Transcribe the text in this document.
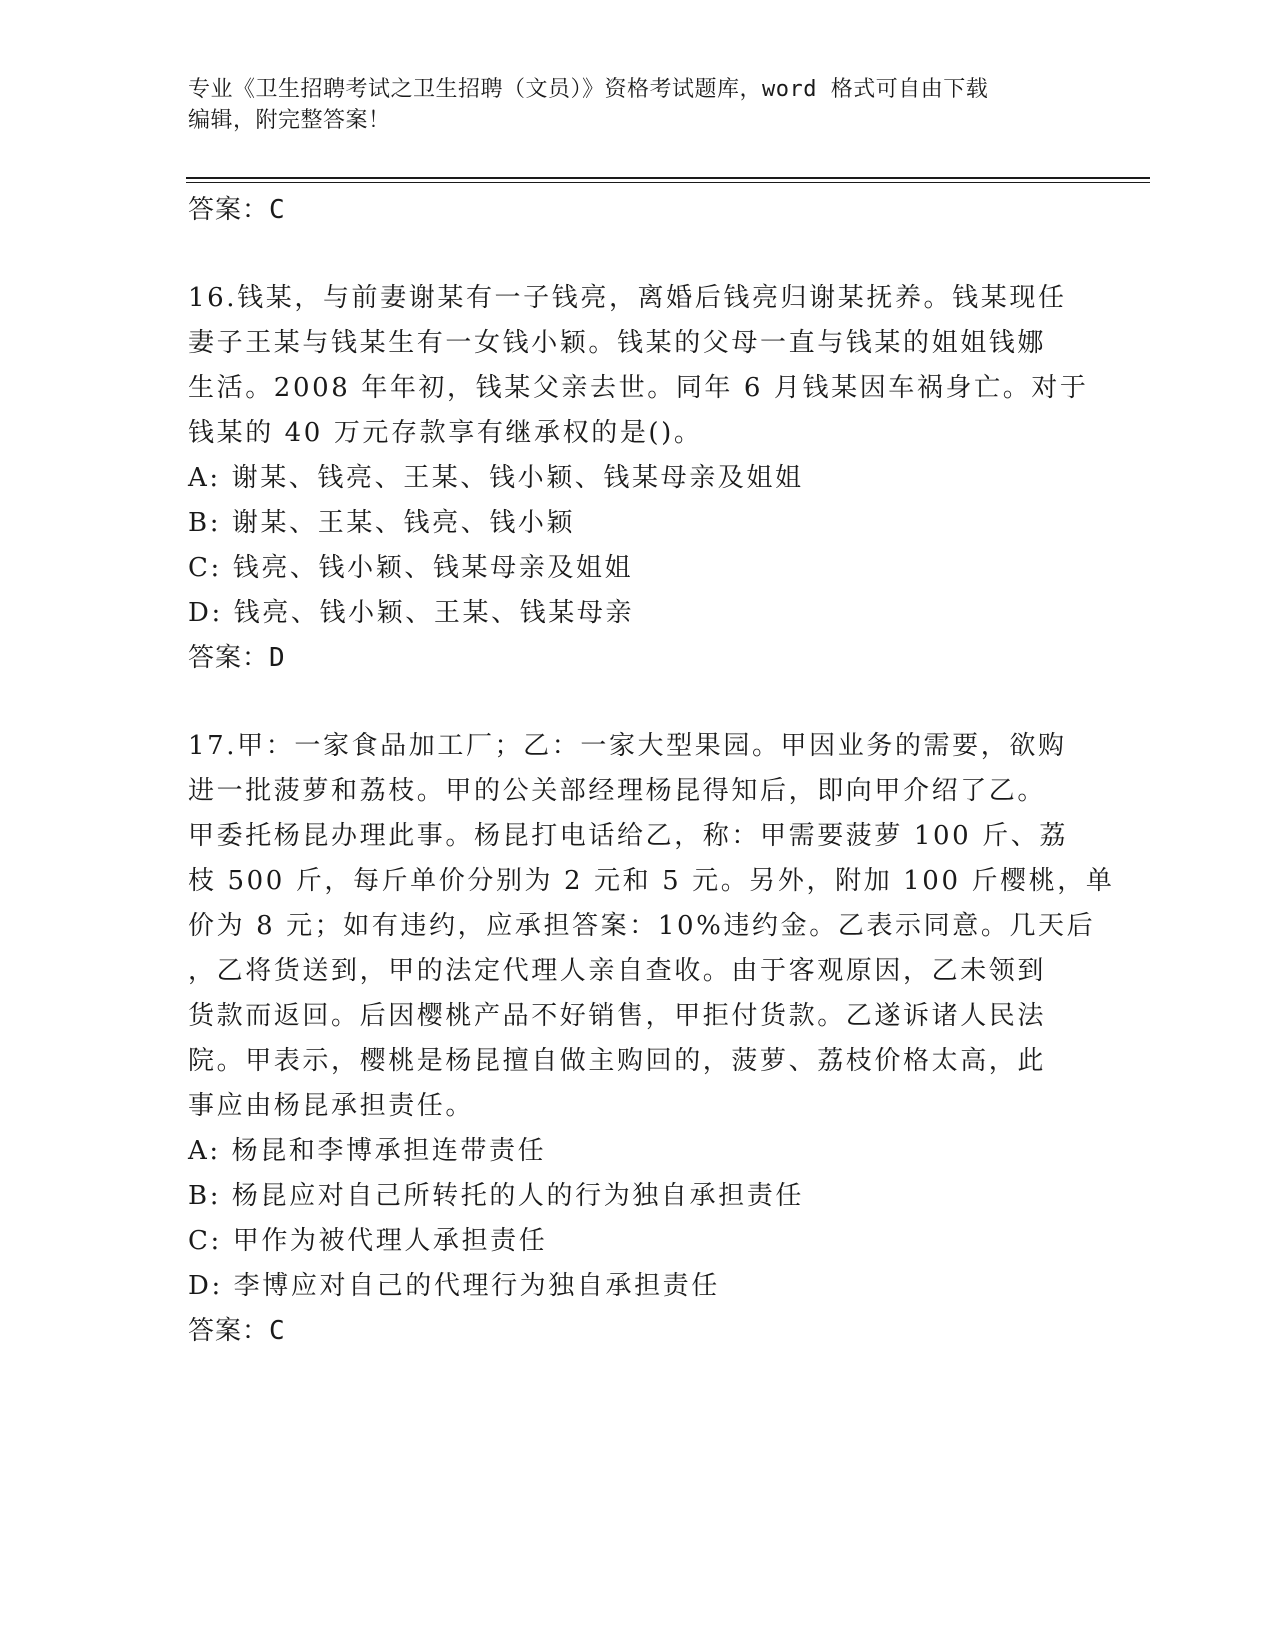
专业《卫生招聘考试之卫生招聘（文员）》资格考试题库，word 格式可自由下载
编辑，附完整答案！
答案：C
16.钱某，与前妻谢某有一子钱亮，离婚后钱亮归谢某抚养。钱某现任
妻子王某与钱某生有一女钱小颖。钱某的父母一直与钱某的姐姐钱娜
生活。2008 年年初，钱某父亲去世。同年 6 月钱某因车祸身亡。对于
钱某的 40 万元存款享有继承权的是()。
A: 谢某、钱亮、王某、钱小颖、钱某母亲及姐姐
B: 谢某、王某、钱亮、钱小颖
C: 钱亮、钱小颖、钱某母亲及姐姐
D: 钱亮、钱小颖、王某、钱某母亲
答案：D
17.甲：一家食品加工厂；乙：一家大型果园。甲因业务的需要，欲购
进一批菠萝和荔枝。甲的公关部经理杨昆得知后，即向甲介绍了乙。
甲委托杨昆办理此事。杨昆打电话给乙，称：甲需要菠萝 100 斤、荔
枝 500 斤，每斤单价分别为 2 元和 5 元。另外，附加 100 斤樱桃，单
价为 8 元；如有违约，应承担答案：10%违约金。乙表示同意。几天后
，乙将货送到，甲的法定代理人亲自查收。由于客观原因，乙未领到
货款而返回。后因樱桃产品不好销售，甲拒付货款。乙遂诉诸人民法
院。甲表示，樱桃是杨昆擅自做主购回的，菠萝、荔枝价格太高，此
事应由杨昆承担责任。
A: 杨昆和李博承担连带责任
B: 杨昆应对自己所转托的人的行为独自承担责任
C: 甲作为被代理人承担责任
D: 李博应对自己的代理行为独自承担责任
答案：C
